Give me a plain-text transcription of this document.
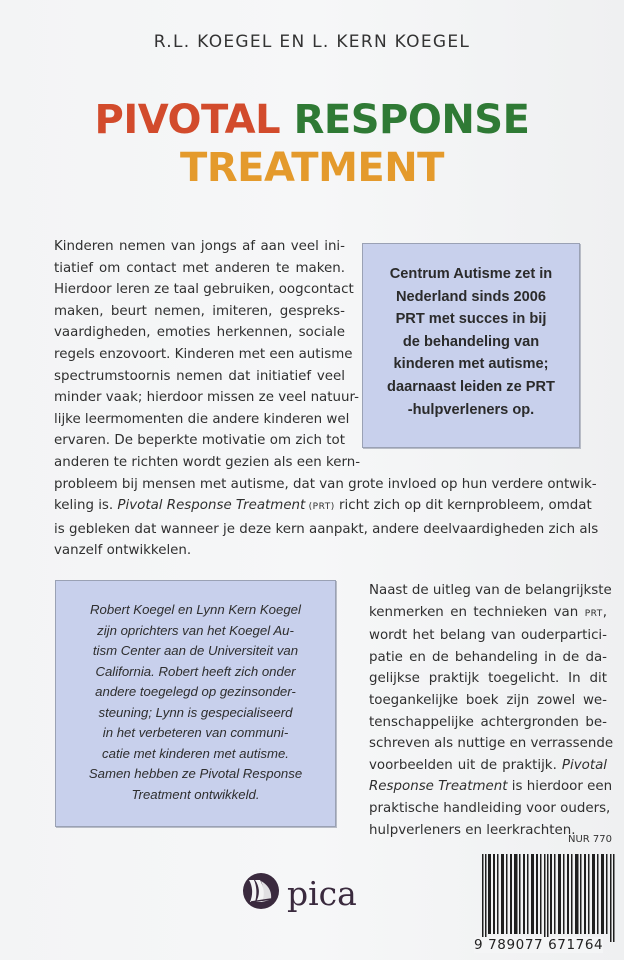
R.L. KOEGEL EN L. KERN KOEGEL
PIVOTAL RESPONSE
TREATMENT
Kinderen nemen van jongs af aan veel ini-
tiatief om contact met anderen te maken.
Hierdoor leren ze taal gebruiken, oogcontact
maken, beurt nemen, imiteren, gespreks-
vaardigheden, emoties herkennen, sociale
regels enzovoort. Kinderen met een autisme
spectrumstoornis nemen dat initiatief veel
minder vaak; hierdoor missen ze veel natuur-
lijke leermomenten die andere kinderen wel
ervaren. De beperkte motivatie om zich tot
anderen te richten wordt gezien als een kern-
probleem bij mensen met autisme, dat van grote invloed op hun verdere ontwik-
keling is. Pivotal Response Treatment (PRT) richt zich op dit kernprobleem, omdat
is gebleken dat wanneer je deze kern aanpakt, andere deelvaardigheden zich als
vanzelf ontwikkelen.
Centrum Autisme zet in
Nederland sinds 2006
PRT met succes in bij
de behandeling van
kinderen met autisme;
daarnaast leiden ze PRT
-hulpverleners op.
Robert Koegel en Lynn Kern Koegel
zijn oprichters van het Koegel Au-
tism Center aan de Universiteit van
California. Robert heeft zich onder
andere toegelegd op gezinsonder-
steuning; Lynn is gespecialiseerd
in het verbeteren van communi-
catie met kinderen met autisme.
Samen hebben ze Pivotal Response
Treatment ontwikkeld.
Naast de uitleg van de belangrijkste
kenmerken en technieken van PRT,
wordt het belang van ouderpartici-
patie en de behandeling in de da-
gelijkse praktijk toegelicht. In dit
toegankelijke boek zijn zowel we-
tenschappelijke achtergronden be-
schreven als nuttige en verrassende
voorbeelden uit de praktijk. Pivotal
Response Treatment is hierdoor een
praktische handleiding voor ouders,
hulpverleners en leerkrachten.
NUR 770
pica
9 789077 671764
